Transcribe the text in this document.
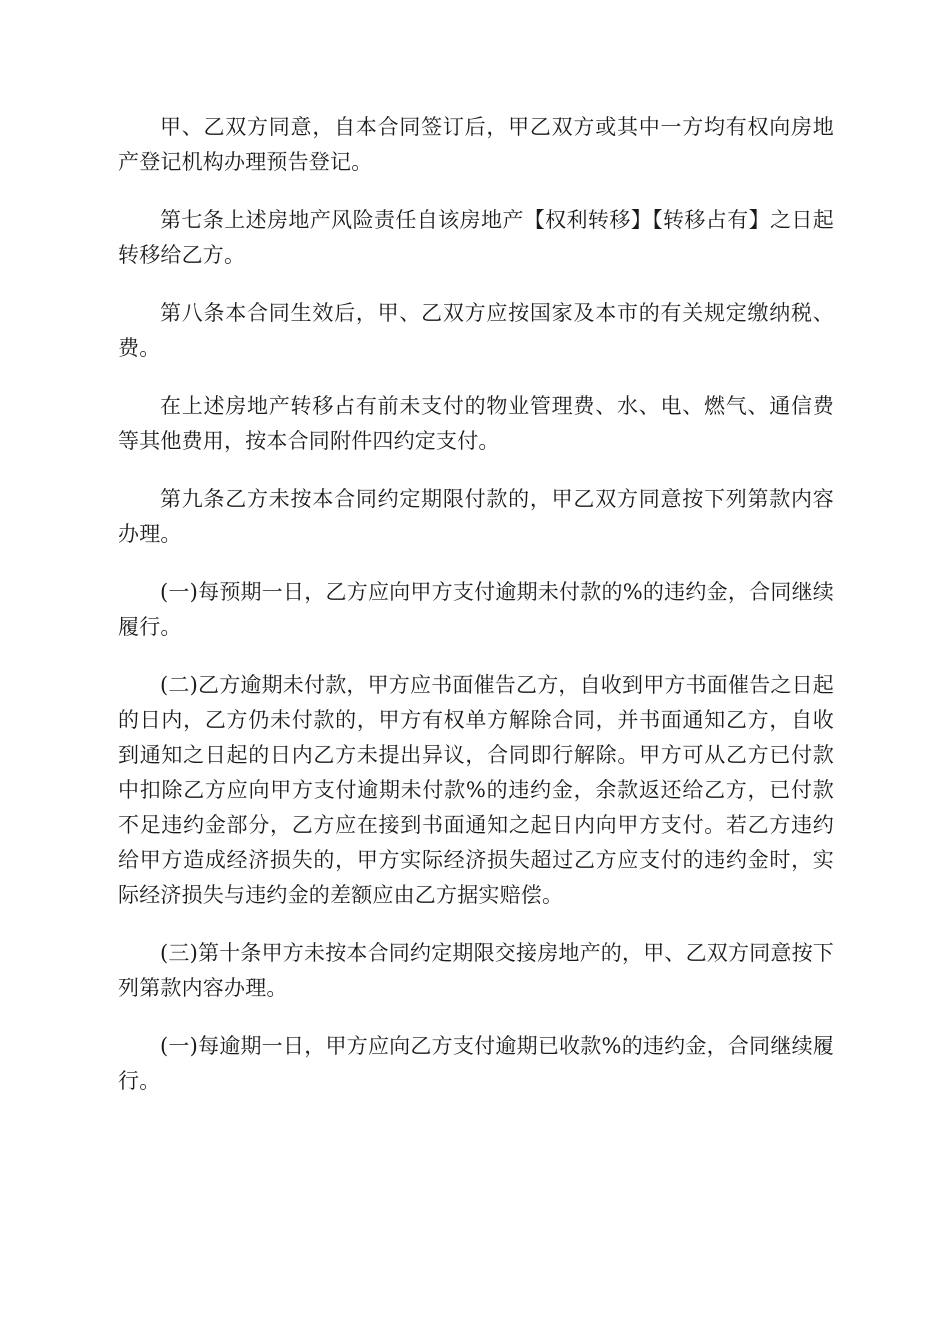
甲、乙双方同意，自本合同签订后，甲乙双方或其中一方均有权向房地产登记机构办理预告登记。

第七条上述房地产风险责任自该房地产【权利转移】【转移占有】之日起转移给乙方。

第八条本合同生效后，甲、乙双方应按国家及本市的有关规定缴纳税、费。

在上述房地产转移占有前未支付的物业管理费、水、电、燃气、通信费等其他费用，按本合同附件四约定支付。

第九条乙方未按本合同约定期限付款的，甲乙双方同意按下列第款内容办理。

(一)每预期一日，乙方应向甲方支付逾期未付款的%的违约金，合同继续履行。

(二)乙方逾期未付款，甲方应书面催告乙方，自收到甲方书面催告之日起的日内，乙方仍未付款的，甲方有权单方解除合同，并书面通知乙方，自收到通知之日起的日内乙方未提出异议，合同即行解除。甲方可从乙方已付款中扣除乙方应向甲方支付逾期未付款%的违约金，余款返还给乙方，已付款不足违约金部分，乙方应在接到书面通知之起日内向甲方支付。若乙方违约给甲方造成经济损失的，甲方实际经济损失超过乙方应支付的违约金时，实际经济损失与违约金的差额应由乙方据实赔偿。

(三)第十条甲方未按本合同约定期限交接房地产的，甲、乙双方同意按下列第款内容办理。

(一)每逾期一日，甲方应向乙方支付逾期已收款%的违约金，合同继续履行。
